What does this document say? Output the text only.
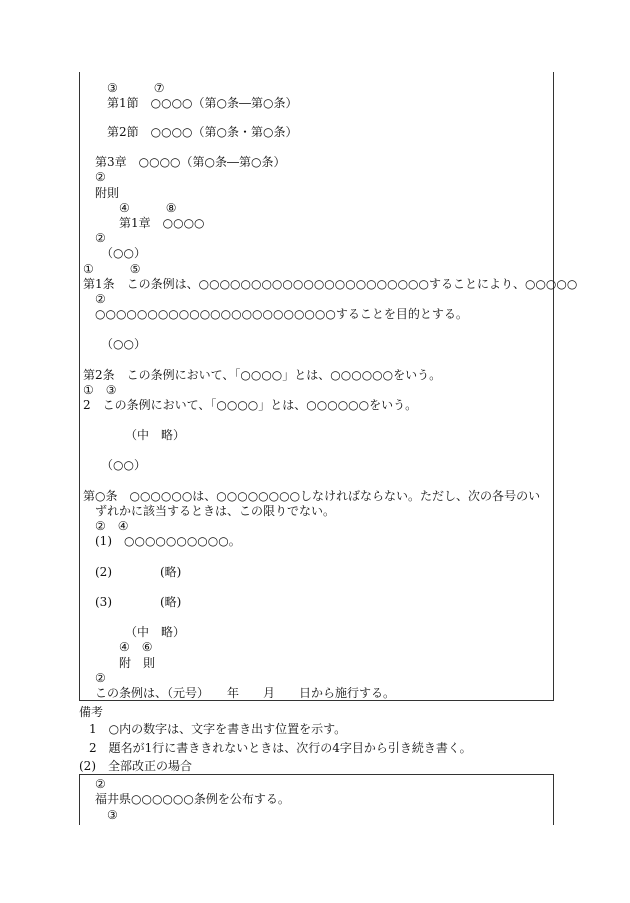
③　　　⑦
第1節　○○○○（第○条―第○条）
第2節　○○○○（第○条・第○条）
第3章　○○○○（第○条―第○条）
②
附則
④　　　⑧
第1章　○○○○
②
（○○）
①　　　⑤
第1条　この条例は、○○○○○○○○○○○○○○○○○○○○○○することにより、○○○○○
②
○○○○○○○○○○○○○○○○○○○○○○○することを目的とする。
（○○）
第2条　この条例において、「○○○○」とは、○○○○○○をいう。
①　③
2　この条例において、「○○○○」とは、○○○○○○をいう。
（中　略）
（○○）
第○条　○○○○○○は、○○○○○○○○しなければならない。ただし、次の各号のい
ずれかに該当するときは、この限りでない。
②　④
(1)　○○○○○○○○○○。
(2)　　　　(略)
(3)　　　　(略)
（中　略）
④　⑥
附　則
②
この条例は、（元号）　　年　　月　　日から施行する。
備考
1　○内の数字は、文字を書き出す位置を示す。
2　題名が1行に書ききれないときは、次行の4字目から引き続き書く。
(2)　全部改正の場合
②
福井県○○○○○○条例を公布する。
③
